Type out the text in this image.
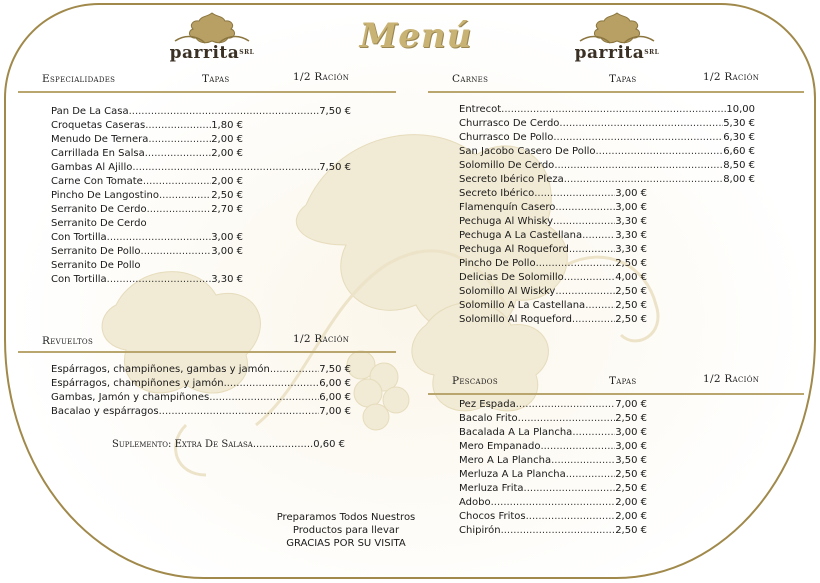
parrita$^{SRL}$	Menú	parrita$^{SRL}$
Especialidades	Tapas	1/2 Ración
Pan De La Casa .....	7,50 €
Croquetas Caseras .....	1,80 €
Menudo De Ternera .....	2,00 €
Carrillada En Salsa .....	2,00 €
Gambas Al Ajillo .....	7,50 €
Carne Con Tomate .....	2,00 €
Pincho De Langostino .....	2,50 €
Serranito De Cerdo .....	2,70 €
Serranito De Cerdo
Con Tortilla .....	3,00 €
Serranito De Pollo .....	3,00 €
Serranito De Pollo
Con Tortilla .....	3,30 €
Revueltos	1/2 Ración
Espárragos, champiñones, gambas y jamón .....	7,50 €
Espárragos, champiñones y jamón .....	6,00 €
Gambas, Jamón y champiñones .....	6,00 €
Bacalao y espárragos .....	7,00 €
Suplemento: Extra De Salasa...................0,60 €
Preparamos Todos Nuestros
Productos para llevar
GRACIAS POR SU VISITA
Carnes	Tapas	1/2 Ración
Entrecot .....	10,00
Churrasco De Cerdo .....	5,30 €
Churrasco De Pollo .....	6,30 €
San Jacobo Casero De Pollo .....	6,60 €
Solomillo De Cerdo .....	8,50 €
Secreto Ibérico Pleza .....	8,00 €
Secreto Ibérico .....	3,00 €
Flamenquín Casero .....	3,00 €
Pechuga Al Whisky .....	3,30 €
Pechuga A La Castellana .....	3,30 €
Pechuga Al Roqueford .....	3,30 €
Pincho De Pollo .....	2,50 €
Delicias De Solomillo .....	4,00 €
Solomillo Al Wiskky .....	2,50 €
Solomillo A La Castellana .....	2,50 €
Solomillo Al Roqueford .....	2,50 €
Pescados	Tapas	1/2 Ración
Pez Espada .....	7,00 €
Bacalo Frito .....	2,50 €
Bacalada A La Plancha .....	3,00 €
Mero Empanado .....	3,00 €
Mero A La Plancha .....	3,50 €
Merluza A La Plancha .....	2,50 €
Merluza Frita .....	2,50 €
Adobo .....	2,00 €
Chocos Fritos .....	2,00 €
Chipirón .....	2,50 €
